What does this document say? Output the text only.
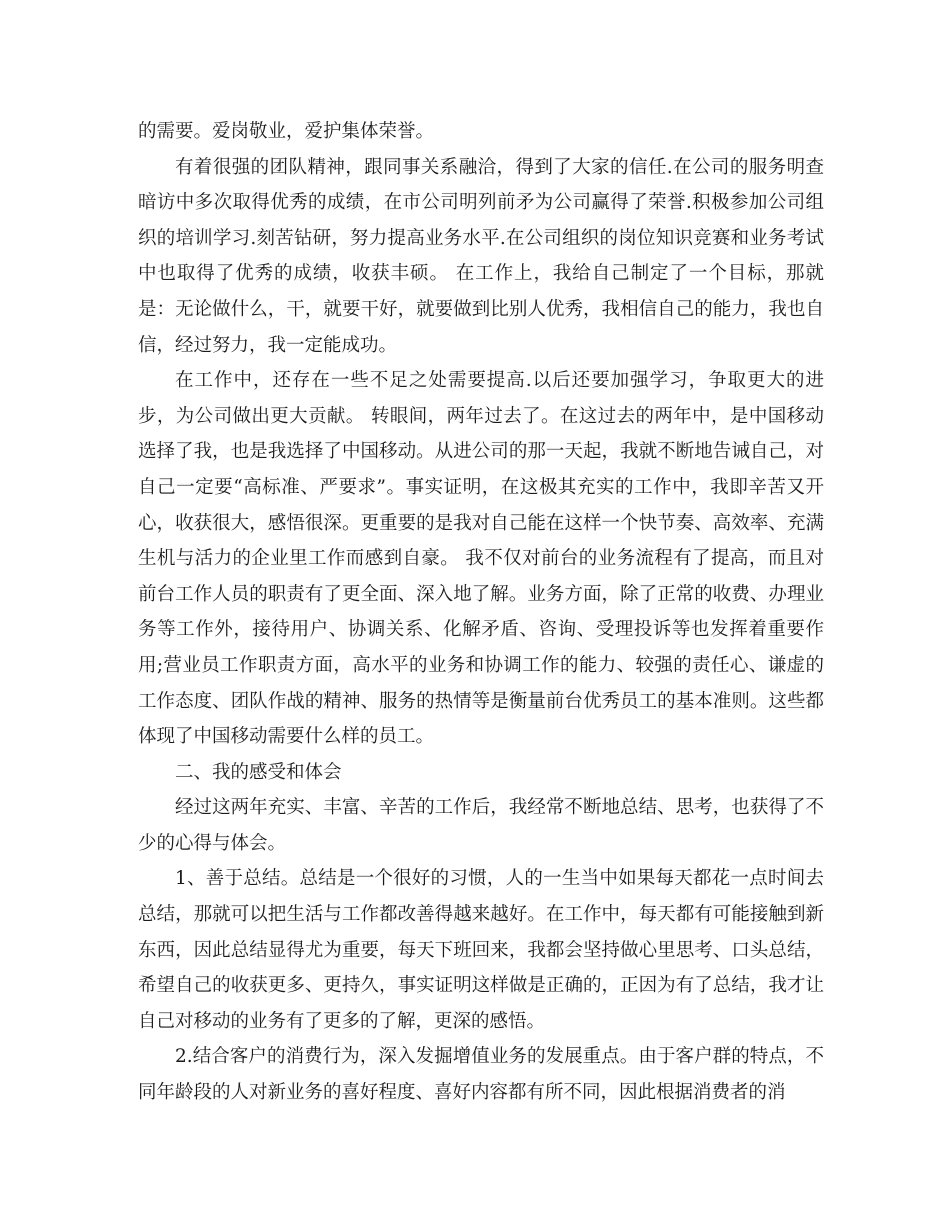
的需要。爱岗敬业，爱护集体荣誉。

有着很强的团队精神，跟同事关系融洽，得到了大家的信任.在公司的服务明查暗访中多次取得优秀的成绩，在市公司明列前矛为公司赢得了荣誉.积极参加公司组织的培训学习.刻苦钻研，努力提高业务水平.在公司组织的岗位知识竞赛和业务考试中也取得了优秀的成绩，收获丰硕。 在工作上，我给自己制定了一个目标，那就是：无论做什么，干，就要干好，就要做到比别人优秀，我相信自己的能力，我也自信，经过努力，我一定能成功。

在工作中，还存在一些不足之处需要提高.以后还要加强学习，争取更大的进步，为公司做出更大贡献。 转眼间，两年过去了。在这过去的两年中，是中国移动选择了我，也是我选择了中国移动。从进公司的那一天起，我就不断地告诫自己，对自己一定要“高标准、严要求”。事实证明，在这极其充实的工作中，我即辛苦又开心，收获很大，感悟很深。更重要的是我对自己能在这样一个快节奏、高效率、充满生机与活力的企业里工作而感到自豪。 我不仅对前台的业务流程有了提高，而且对前台工作人员的职责有了更全面、深入地了解。业务方面，除了正常的收费、办理业务等工作外，接待用户、协调关系、化解矛盾、咨询、受理投诉等也发挥着重要作用;营业员工作职责方面，高水平的业务和协调工作的能力、较强的责任心、谦虚的工作态度、团队作战的精神、服务的热情等是衡量前台优秀员工的基本准则。这些都体现了中国移动需要什么样的员工。

二、我的感受和体会

经过这两年充实、丰富、辛苦的工作后，我经常不断地总结、思考，也获得了不少的心得与体会。

1、善于总结。总结是一个很好的习惯，人的一生当中如果每天都花一点时间去总结，那就可以把生活与工作都改善得越来越好。在工作中，每天都有可能接触到新东西，因此总结显得尤为重要，每天下班回来，我都会坚持做心里思考、口头总结，希望自己的收获更多、更持久，事实证明这样做是正确的，正因为有了总结，我才让自己对移动的业务有了更多的了解，更深的感悟。

2.结合客户的消费行为，深入发掘增值业务的发展重点。由于客户群的特点，不同年龄段的人对新业务的喜好程度、喜好内容都有所不同，因此根据消费者的消
